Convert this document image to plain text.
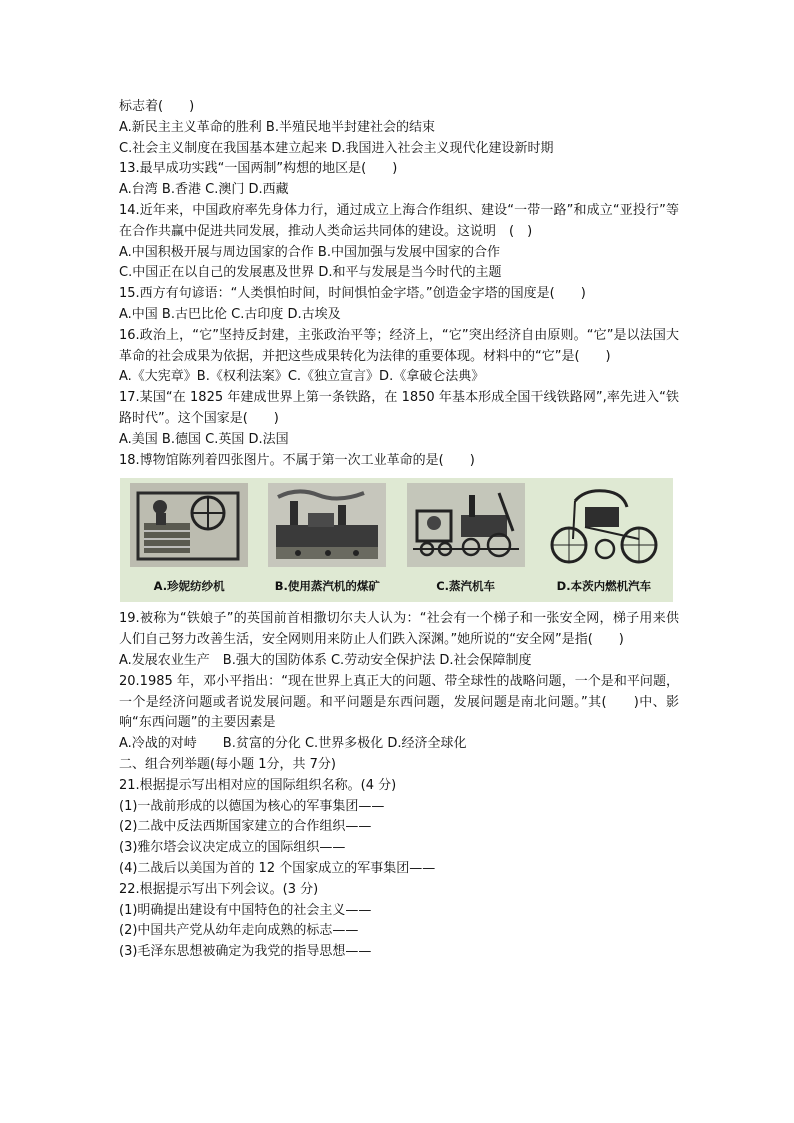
标志着(　　)
A.新民主主义革命的胜利 B.半殖民地半封建社会的结束
C.社会主义制度在我国基本建立起来 D.我国进入社会主义现代化建设新时期
13.最早成功实践“一国两制”构想的地区是(　　)
A.台湾 B.香港 C.澳门 D.西藏
14.近年来，中国政府率先身体力行，通过成立上海合作组织、建设“一带一路”和成立“亚投行”等在合作共赢中促进共同发展，推动人类命运共同体的建设。这说明　(　)
A.中国积极开展与周边国家的合作 B.中国加强与发展中国家的合作
C.中国正在以自己的发展惠及世界 D.和平与发展是当今时代的主题
15.西方有句谚语：“人类惧怕时间，时间惧怕金字塔。”创造金字塔的国度是(　　)
A.中国 B.古巴比伦 C.古印度 D.古埃及
16.政治上，“它”坚持反封建，主张政治平等；经济上，“它”突出经济自由原则。“它”是以法国大革命的社会成果为依据，并把这些成果转化为法律的重要体现。材料中的“它”是(　　)
A.《大宪章》B.《权利法案》C.《独立宣言》D.《拿破仑法典》
17.某国“在 1825 年建成世界上第一条铁路，在 1850 年基本形成全国干线铁路网”,率先进入“铁路时代”。这个国家是(　　)
A.美国 B.德国 C.英国 D.法国
18.博物馆陈列着四张图片。不属于第一次工业革命的是(　　)
A.珍妮纺纱机	B.使用蒸汽机的煤矿	C.蒸汽机车	D.本茨内燃机汽车
19.被称为“铁娘子”的英国前首相撒切尔夫人认为：“社会有一个梯子和一张安全网，梯子用来供人们自己努力改善生活，安全网则用来防止人们跌入深渊。”她所说的“安全网”是指(　　)
A.发展农业生产　B.强大的国防体系 C.劳动安全保护法 D.社会保障制度
20.1985 年，邓小平指出：“现在世界上真正大的问题、带全球性的战略问题，一个是和平问题，一个是经济问题或者说发展问题。和平问题是东西问题，发展问题是南北问题。”其(　　)中、影响“东西问题”的主要因素是
A.冷战的对峙　　B.贫富的分化 C.世界多极化 D.经济全球化
二、组合列举题(每小题 1分，共 7分)
21.根据提示写出相对应的国际组织名称。(4 分)
(1)一战前形成的以德国为核心的军事集团——
(2)二战中反法西斯国家建立的合作组织——
(3)雅尔塔会议决定成立的国际组织——
(4)二战后以美国为首的 12 个国家成立的军事集团——
22.根据提示写出下列会议。(3 分)
(1)明确提出建设有中国特色的社会主义——
(2)中国共产党从幼年走向成熟的标志——
(3)毛泽东思想被确定为我党的指导思想——
